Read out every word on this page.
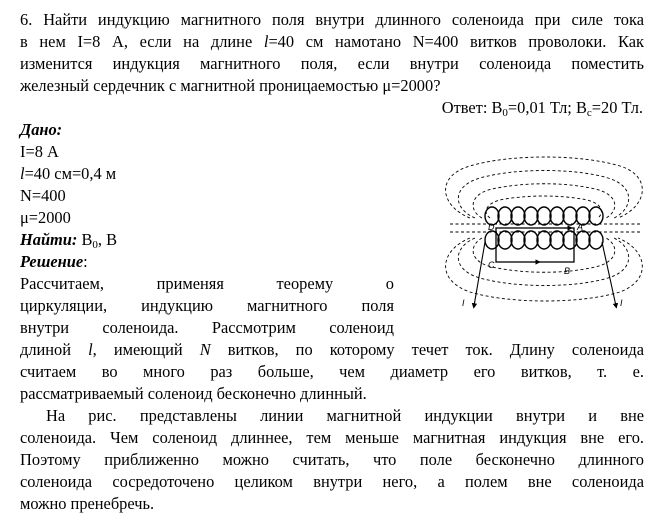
6. Найти индукцию магнитного поля внутри длинного соленоида при силе тока
в нем I=8 А, если на длине l=40 см намотано N=400 витков проволоки. Как
изменится индукция магнитного поля, если внутри соленоида поместить
железный сердечник с магнитной проницаемостью μ=2000?
Ответ: $B_0=0,01$ Тл; $B_с=20$ Тл.
Дано:
I=8 А
l=40 см=0,4 м
N=400
μ=2000
Найти: $B_0$, B
Решение:
Рассчитаем, применяя теорему о
циркуляции, индукцию магнитного поля
внутри соленоида. Рассмотрим соленоид
длиной l, имеющий N витков, по которому течет ток. Длину соленоида
считаем во много раз больше, чем диаметр его витков, т. е.
рассматриваемый соленоид бесконечно длинный.
На рис. представлены линии магнитной индукции внутри и вне
соленоида. Чем соленоид длиннее, тем меньше магнитная индукция вне его.
Поэтому приближенно можно считать, что поле бесконечно длинного
соленоида сосредоточено целиком внутри него, а полем вне соленоида
можно пренебречь.
D	A
C
B
I	I
